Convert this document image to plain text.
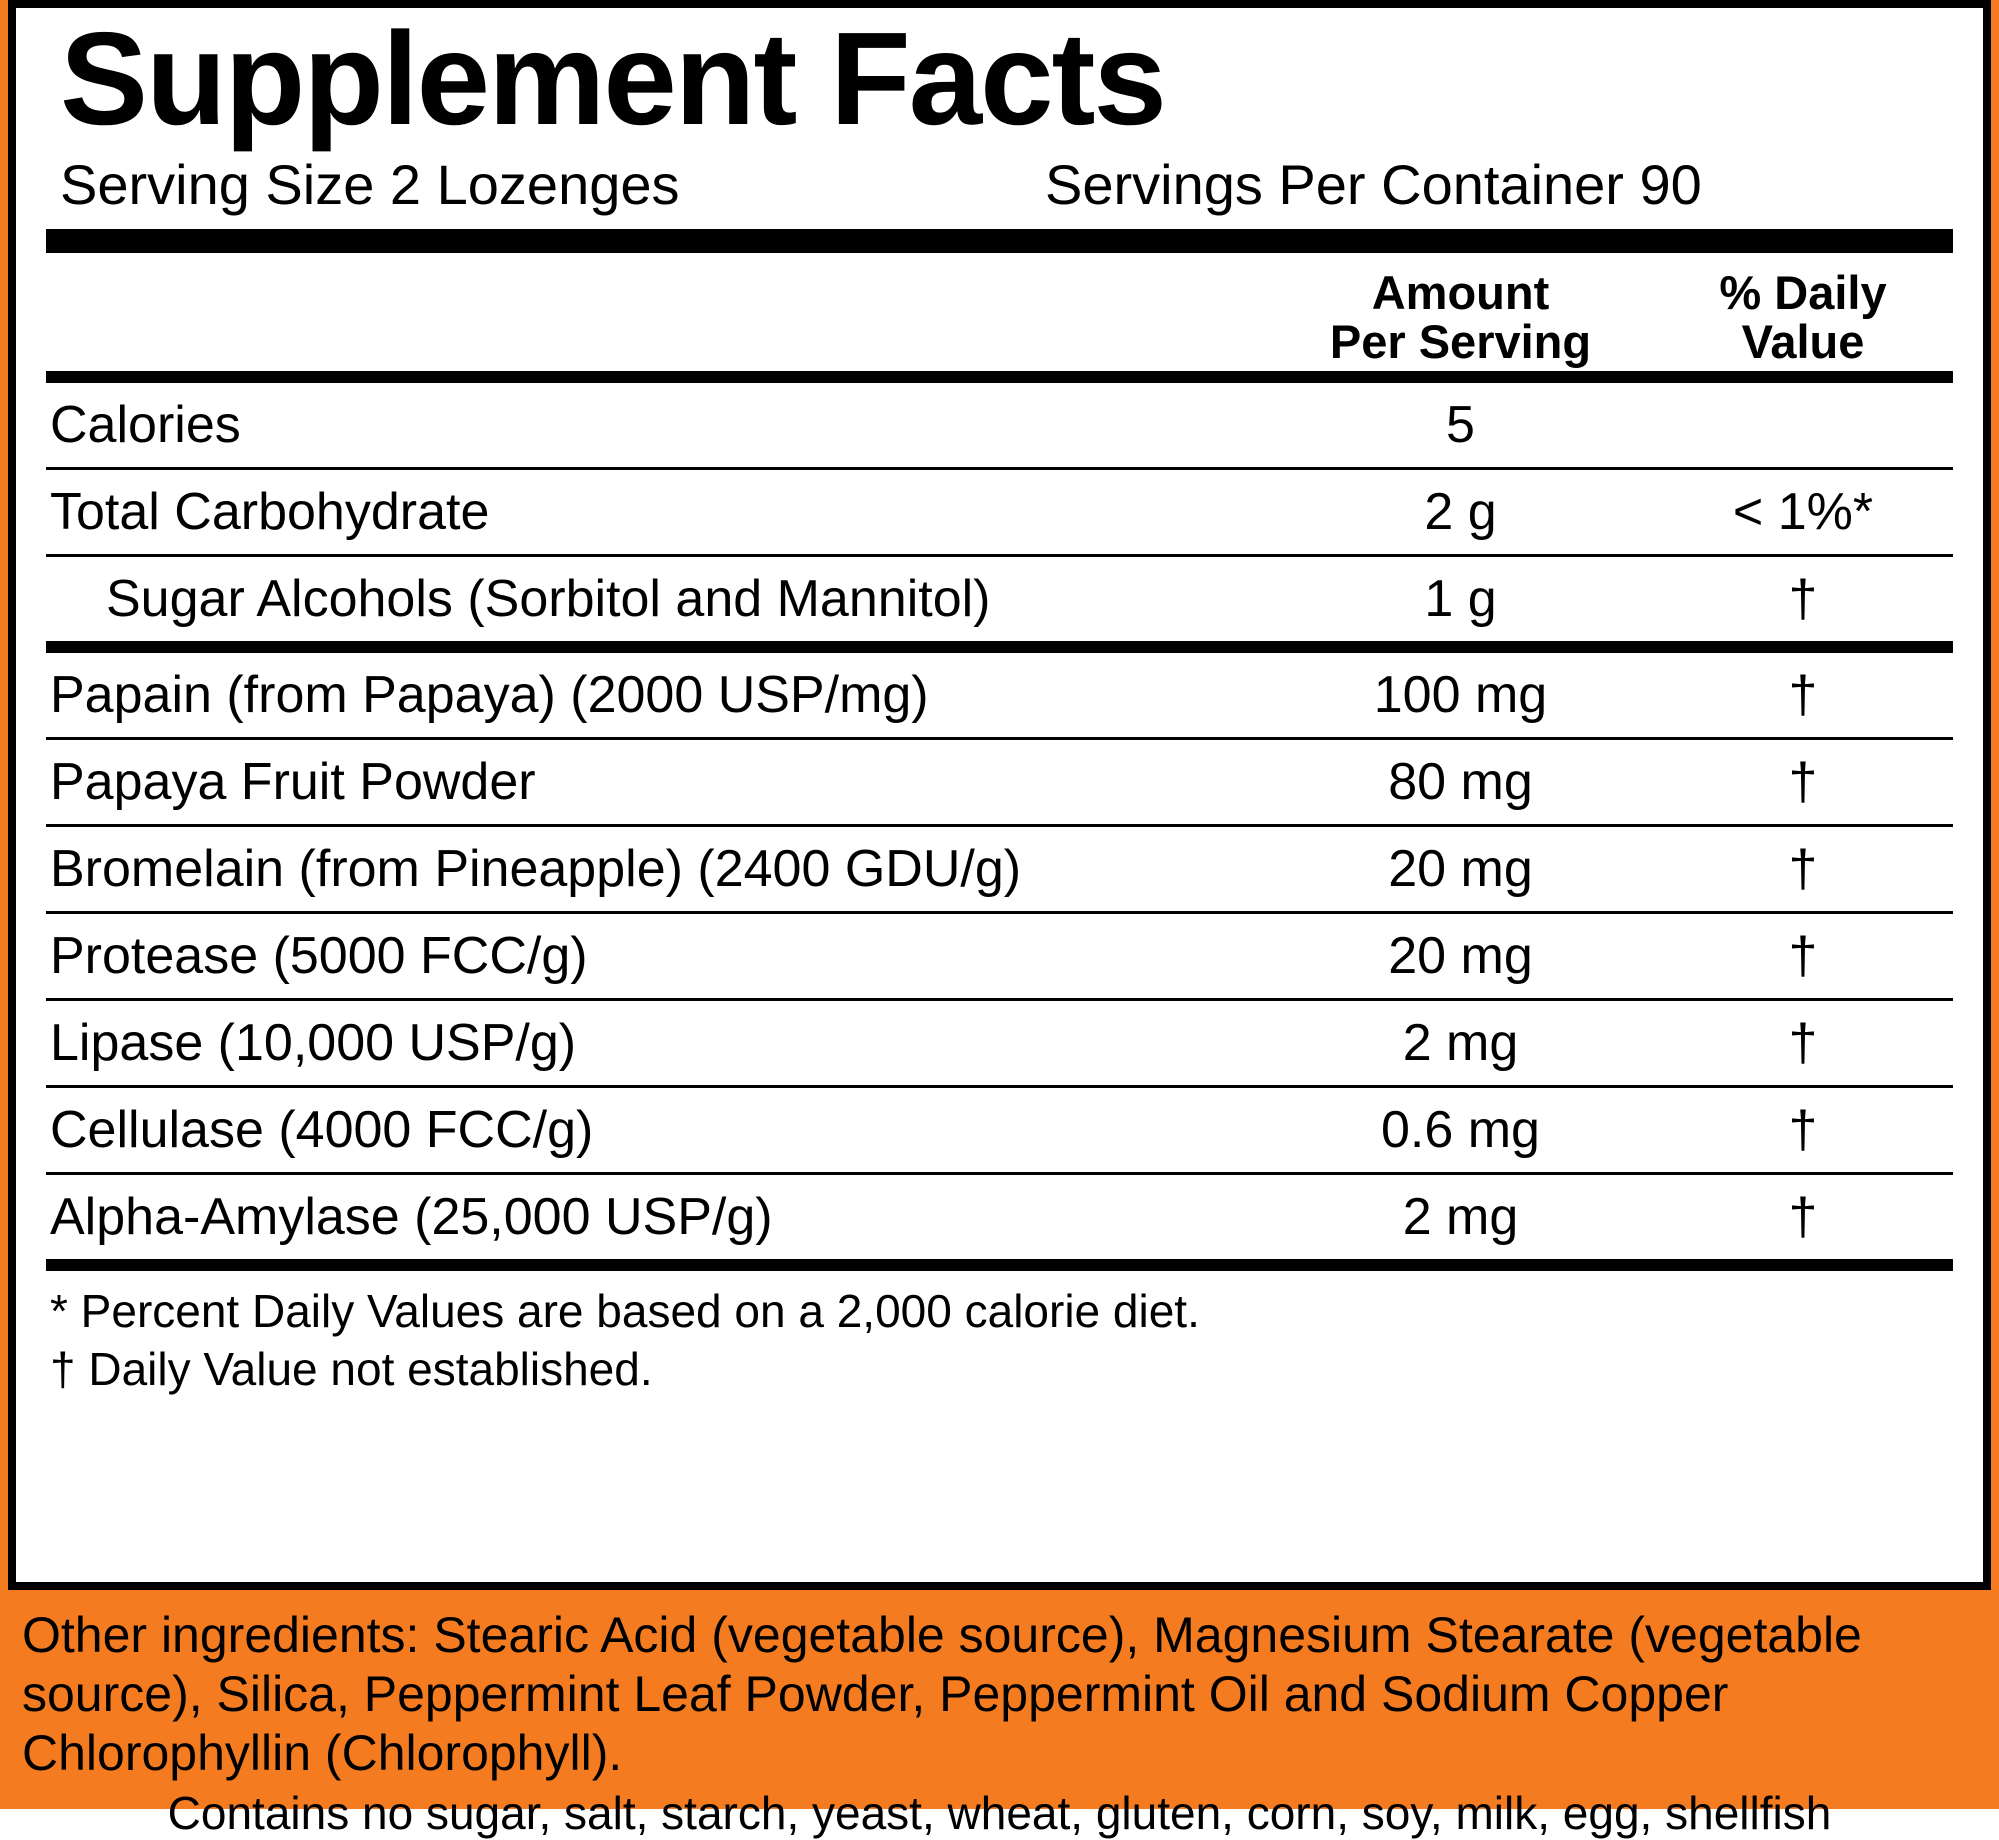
Supplement Facts
Serving Size 2 Lozenges	Servings Per Container 90
Amount
Per Serving
% Daily
Value
Calories	5
Total Carbohydrate	2 g	< 1%*
Sugar Alcohols (Sorbitol and Mannitol)	1 g	†
Papain (from Papaya) (2000 USP/mg)	100 mg	†
Papaya Fruit Powder	80 mg	†
Bromelain (from Pineapple) (2400 GDU/g)	20 mg	†
Protease (5000 FCC/g)	20 mg	†
Lipase (10,000 USP/g)	2 mg	†
Cellulase (4000 FCC/g)	0.6 mg	†
Alpha-Amylase (25,000 USP/g)	2 mg	†
* Percent Daily Values are based on a 2,000 calorie diet.
† Daily Value not established.
Other ingredients: Stearic Acid (vegetable source), Magnesium Stearate (vegetable source), Silica, Peppermint Leaf Powder, Peppermint Oil and Sodium Copper Chlorophyllin (Chlorophyll).
Contains no sugar, salt, starch, yeast, wheat, gluten, corn, soy, milk, egg, shellfish
